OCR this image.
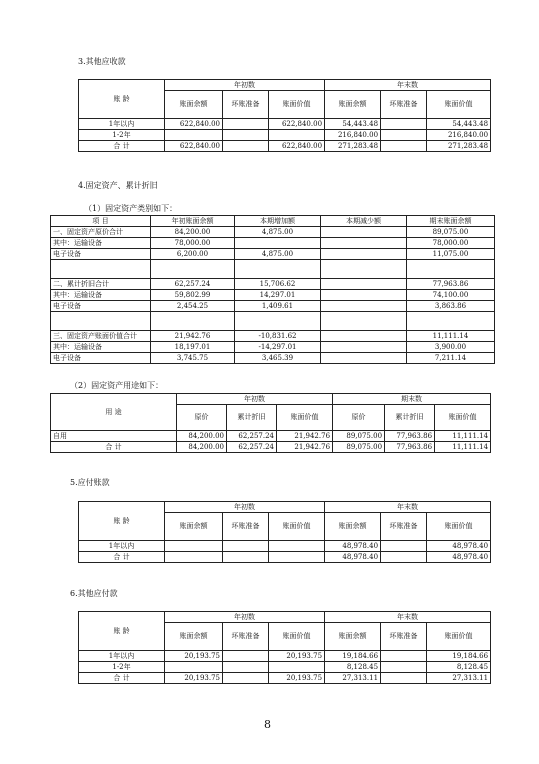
3.其他应收款
账 龄	年初数			年末数		
	账面余额	坏账准备	账面价值	账面余额	坏账准备	账面价值
1年以内	622,840.00		622,840.00	54,443.48		54,443.48
1-2年				216,840.00		216,840.00
合 计	622,840.00		622,840.00	271,283.48		271,283.48
4.固定资产、累计折旧
（1）固定资产类别如下：
项 目	年初账面余额	本期增加额	本期减少额	期末账面余额
一、固定资产原价合计	84,200.00	4,875.00		89,075.00
其中：运输设备	78,000.00			78,000.00
电子设备	6,200.00	4,875.00		11,075.00

二、累计折旧合计	62,257.24	15,706.62		77,963.86
其中：运输设备	59,802.99	14,297.01		74,100.00
电子设备	2,454.25	1,409.61		3,863.86

三、固定资产账面价值合计	21,942.76	-10,831.62		11,111.14
其中：运输设备	18,197.01	-14,297.01		3,900.00
电子设备	3,745.75	3,465.39		7,211.14
（2）固定资产用途如下：
用 途	年初数			期末数		
	原价	累计折旧	账面价值	原价	累计折旧	账面价值
自用	84,200.00	62,257.24	21,942.76	89,075.00	77,963.86	11,111.14
合 计	84,200.00	62,257.24	21,942.76	89,075.00	77,963.86	11,111.14
5.应付账款
账 龄	年初数			年末数		
	账面余额	坏账准备	账面价值	账面余额	坏账准备	账面价值
1年以内				48,978.40		48,978.40
合 计				48,978.40		48,978.40
6.其他应付款
账 龄	年初数			年末数		
	账面余额	坏账准备	账面价值	账面余额	坏账准备	账面价值
1年以内	20,193.75		20,193.75	19,184.66		19,184.66
1-2年				8,128.45		8,128.45
合 计	20,193.75		20,193.75	27,313.11		27,313.11
8
